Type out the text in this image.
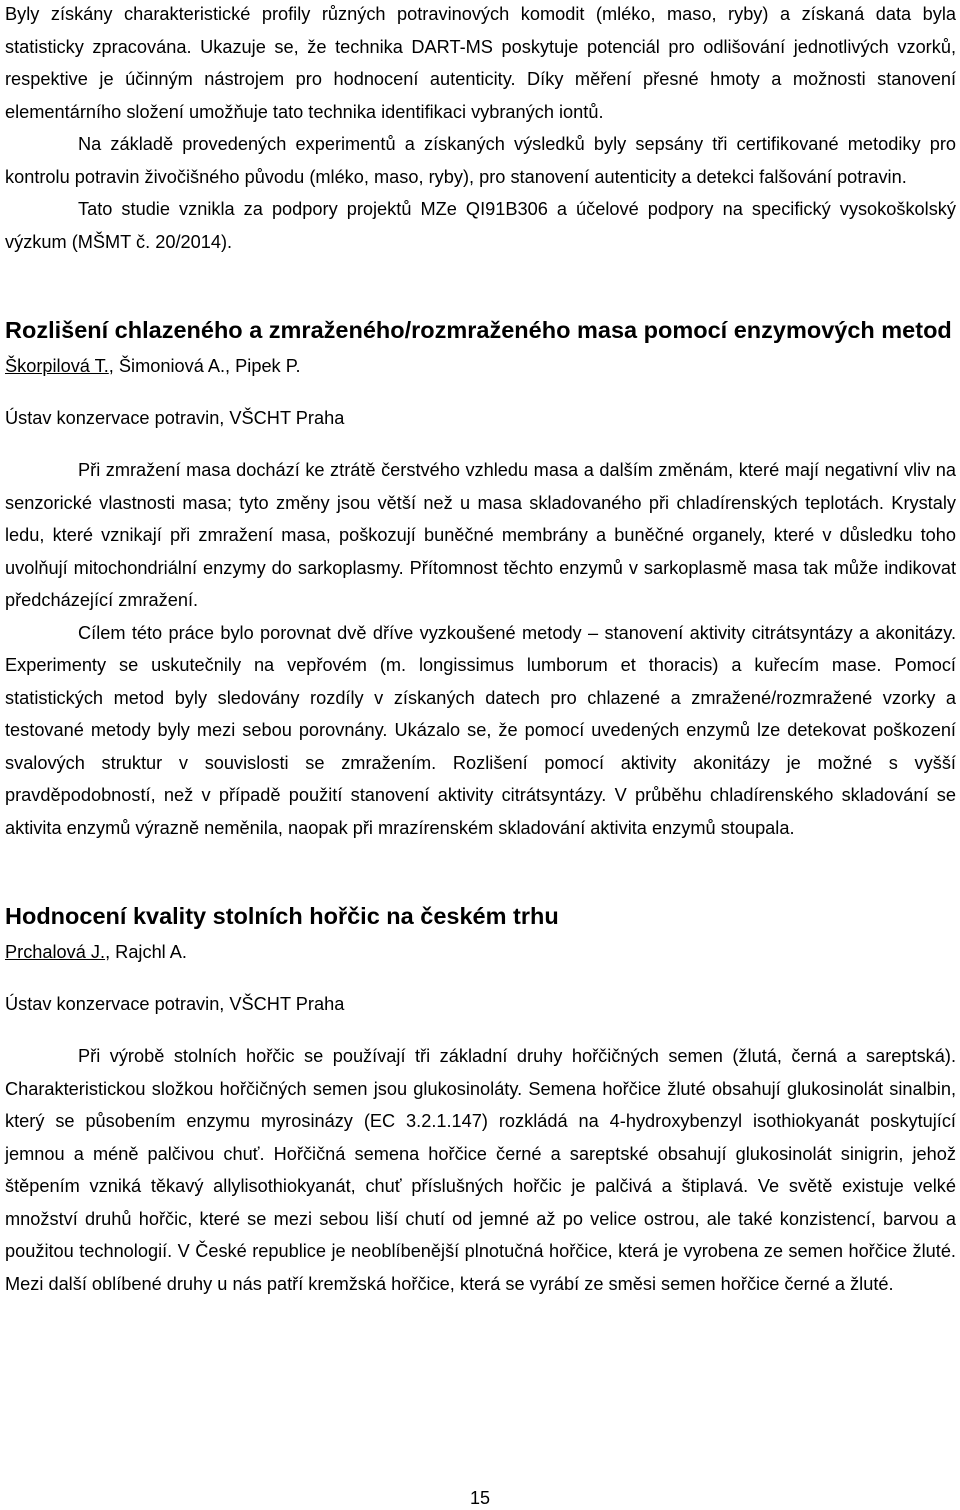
Byly získány charakteristické profily různých potravinových komodit (mléko, maso, ryby) a získaná data byla statisticky zpracována. Ukazuje se, že technika DART-MS poskytuje potenciál pro odlišování jednotlivých vzorků, respektive je účinným nástrojem pro hodnocení autenticity. Díky měření přesné hmoty a možnosti stanovení elementárního složení umožňuje tato technika identifikaci vybraných iontů.

Na základě provedených experimentů a získaných výsledků byly sepsány tři certifikované metodiky pro kontrolu potravin živočišného původu (mléko, maso, ryby), pro stanovení autenticity a detekci falšování potravin.

Tato studie vznikla za podpory projektů MZe QI91B306 a účelové podpory na specifický vysokoškolský výzkum (MŠMT č. 20/2014).

Rozlišení chlazeného a zmraženého/rozmraženého masa pomocí enzymových metod
Škorpilová T., Šimoniová A., Pipek P.
Ústav konzervace potravin, VŠCHT Praha

Při zmražení masa dochází ke ztrátě čerstvého vzhledu masa a dalším změnám, které mají negativní vliv na senzorické vlastnosti masa; tyto změny jsou větší než u masa skladovaného při chladírenských teplotách. Krystaly ledu, které vznikají při zmražení masa, poškozují buněčné membrány a buněčné organely, které v důsledku toho uvolňují mitochondriální enzymy do sarkoplasmy. Přítomnost těchto enzymů v sarkoplasmě masa tak může indikovat předcházející zmražení.

Cílem této práce bylo porovnat dvě dříve vyzkoušené metody – stanovení aktivity citrátsyntázy a akonitázy. Experimenty se uskutečnily na vepřovém (m. longissimus lumborum et thoracis) a kuřecím mase. Pomocí statistických metod byly sledovány rozdíly v získaných datech pro chlazené a zmražené/rozmražené vzorky a testované metody byly mezi sebou porovnány. Ukázalo se, že pomocí uvedených enzymů lze detekovat poškození svalových struktur v souvislosti se zmražením. Rozlišení pomocí aktivity akonitázy je možné s vyšší pravděpodobností, než v případě použití stanovení aktivity citrátsyntázy. V průběhu chladírenského skladování se aktivita enzymů výrazně neměnila, naopak při mrazírenském skladování aktivita enzymů stoupala.

Hodnocení kvality stolních hořčic na českém trhu
Prchalová J., Rajchl A.
Ústav konzervace potravin, VŠCHT Praha

Při výrobě stolních hořčic se používají tři základní druhy hořčičných semen (žlutá, černá a sareptská). Charakteristickou složkou hořčičných semen jsou glukosinoláty. Semena hořčice žluté obsahují glukosinolát sinalbin, který se působením enzymu myrosinázy (EC 3.2.1.147) rozkládá na 4-hydroxybenzyl isothiokyanát poskytující jemnou a méně palčivou chuť. Hořčičná semena hořčice černé a sareptské obsahují glukosinolát sinigrin, jehož štěpením vzniká těkavý allylisothiokyanát, chuť příslušných hořčic je palčivá a štiplavá. Ve světě existuje velké množství druhů hořčic, které se mezi sebou liší chutí od jemné až po velice ostrou, ale také konzistencí, barvou a použitou technologií. V České republice je neoblíbenější plnotučná hořčice, která je vyrobena ze semen hořčice žluté. Mezi další oblíbené druhy u nás patří kremžská hořčice, která se vyrábí ze směsi semen hořčice černé a žluté.

15
